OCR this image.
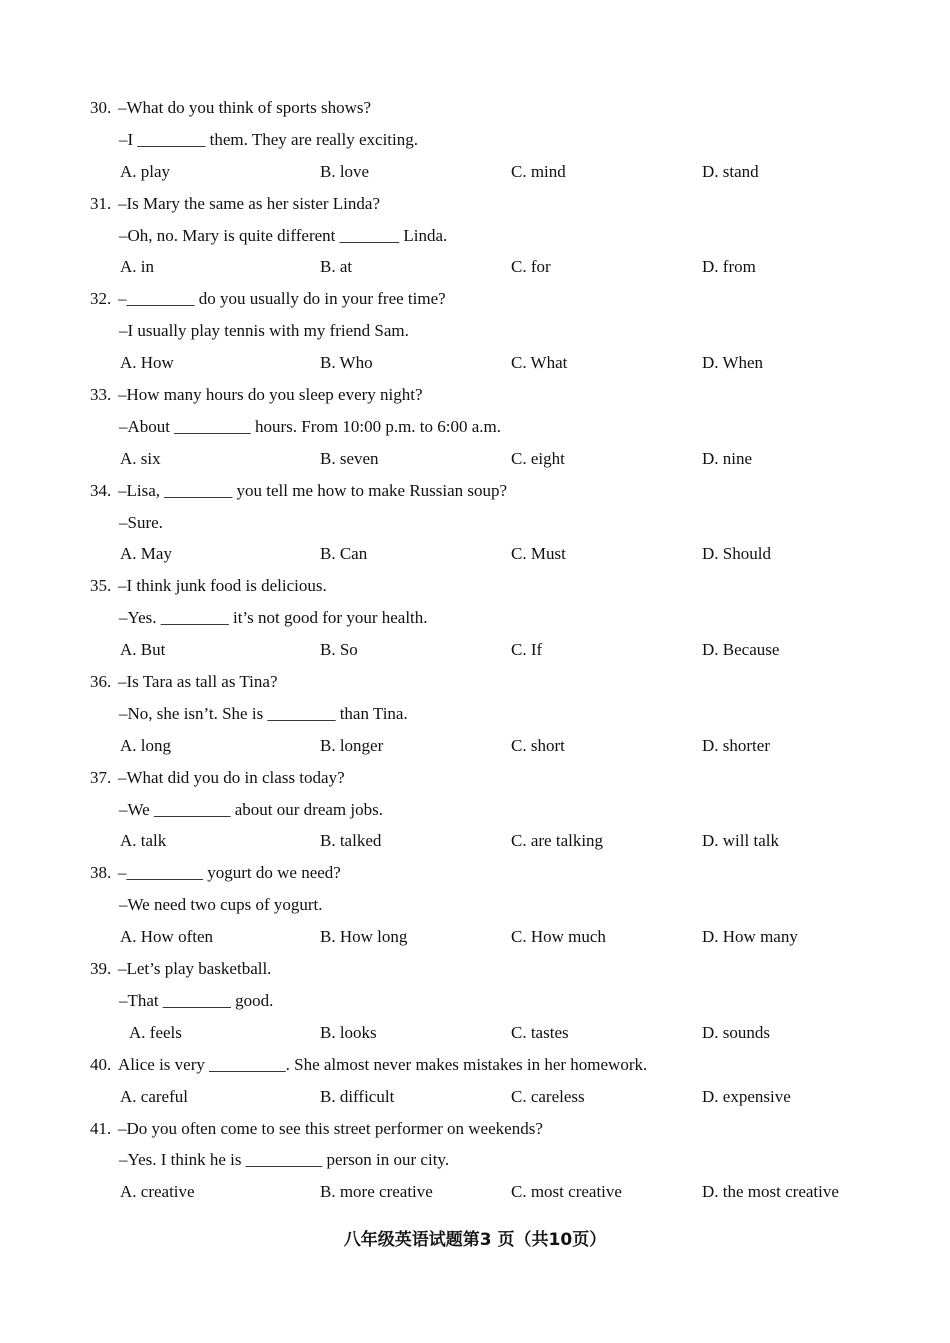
30. –What do you think of sports shows?
–I ________ them. They are really exciting.
A. play	B. love	C. mind	D. stand
31. –Is Mary the same as her sister Linda?
–Oh, no. Mary is quite different _______ Linda.
A. in	B. at	C. for	D. from
32. –________ do you usually do in your free time?
–I usually play tennis with my friend Sam.
A. How	B. Who	C. What	D. When
33. –How many hours do you sleep every night?
–About _________ hours. From 10:00 p.m. to 6:00 a.m.
A. six	B. seven	C. eight	D. nine
34. –Lisa, ________ you tell me how to make Russian soup?
–Sure.
A. May	B. Can	C. Must	D. Should
35. –I think junk food is delicious.
–Yes. ________ it’s not good for your health.
A. But	B. So	C. If	D. Because
36. –Is Tara as tall as Tina?
–No, she isn’t. She is ________ than Tina.
A. long	B. longer	C. short	D. shorter
37. –What did you do in class today?
–We _________ about our dream jobs.
A. talk	B. talked	C. are talking	D. will talk
38. –_________ yogurt do we need?
–We need two cups of yogurt.
A. How often	B. How long	C. How much	D. How many
39. –Let’s play basketball.
–That ________ good.
A. feels	B. looks	C. tastes	D. sounds
40. Alice is very _________. She almost never makes mistakes in her homework.
A. careful	B. difficult	C. careless	D. expensive
41. –Do you often come to see this street performer on weekends?
–Yes. I think he is _________ person in our city.
A. creative	B. more creative	C. most creative	D. the most creative
八年级英语试题第3 页（共10页）
